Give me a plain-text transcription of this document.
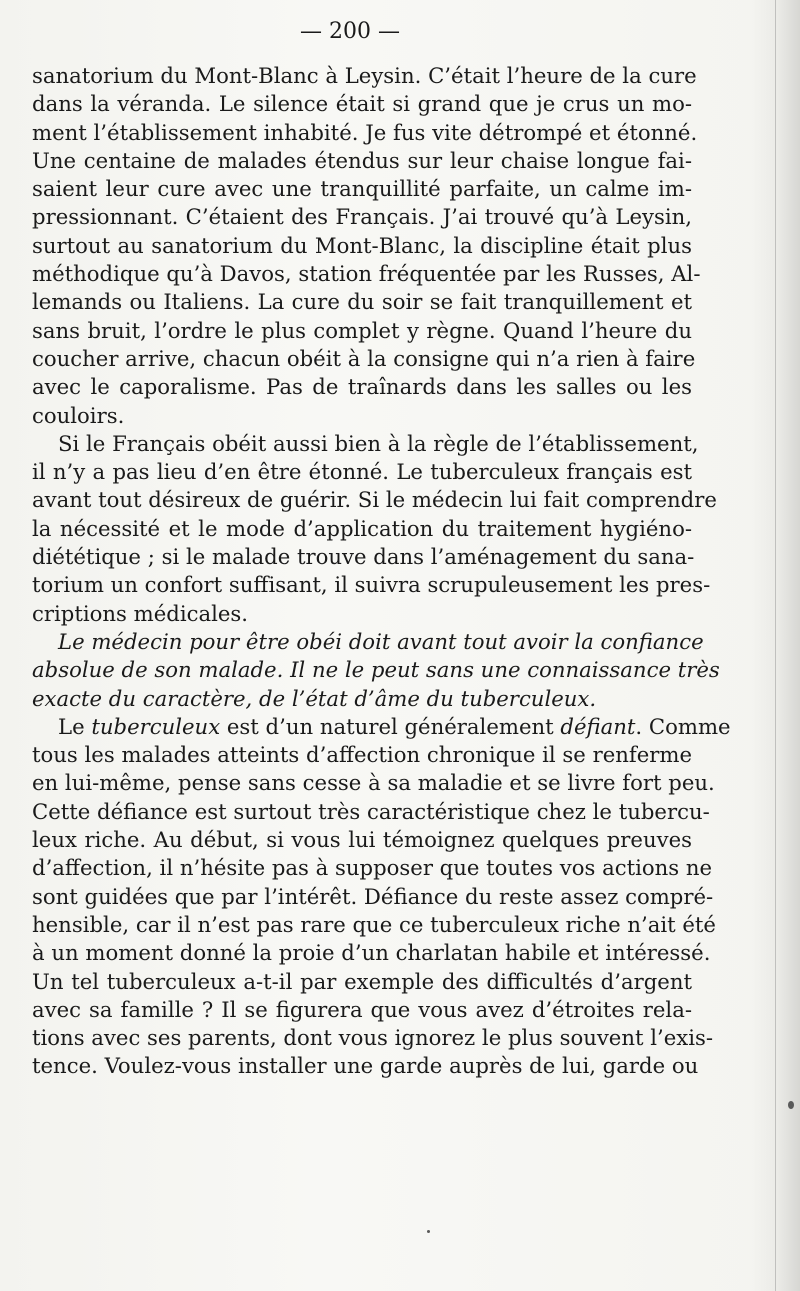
— 200 —
sanatorium du Mont-Blanc à Leysin. C’était l’heure de la cure
dans la véranda. Le silence était si grand que je crus un mo-
ment l’établissement inhabité. Je fus vite détrompé et étonné.
Une centaine de malades étendus sur leur chaise longue fai-
saient leur cure avec une tranquillité parfaite, un calme im-
pressionnant. C’étaient des Français. J’ai trouvé qu’à Leysin,
surtout au sanatorium du Mont-Blanc, la discipline était plus
méthodique qu’à Davos, station fréquentée par les Russes, Al-
lemands ou Italiens. La cure du soir se fait tranquillement et
sans bruit, l’ordre le plus complet y règne. Quand l’heure du
coucher arrive, chacun obéit à la consigne qui n’a rien à faire
avec le caporalisme. Pas de traînards dans les salles ou les
couloirs.
Si le Français obéit aussi bien à la règle de l’établissement,
il n’y a pas lieu d’en être étonné. Le tuberculeux français est
avant tout désireux de guérir. Si le médecin lui fait comprendre
la nécessité et le mode d’application du traitement hygiéno-
diététique ; si le malade trouve dans l’aménagement du sana-
torium un confort suffisant, il suivra scrupuleusement les pres-
criptions médicales.
Le médecin pour être obéi doit avant tout avoir la confiance
absolue de son malade. Il ne le peut sans une connaissance très
exacte du caractère, de l’état d’âme du tuberculeux.
Le tuberculeux est d’un naturel généralement défiant. Comme
tous les malades atteints d’affection chronique il se renferme
en lui-même, pense sans cesse à sa maladie et se livre fort peu.
Cette défiance est surtout très caractéristique chez le tubercu-
leux riche. Au début, si vous lui témoignez quelques preuves
d’affection, il n’hésite pas à supposer que toutes vos actions ne
sont guidées que par l’intérêt. Défiance du reste assez compré-
hensible, car il n’est pas rare que ce tuberculeux riche n’ait été
à un moment donné la proie d’un charlatan habile et intéressé.
Un tel tuberculeux a-t-il par exemple des difficultés d’argent
avec sa famille ? Il se figurera que vous avez d’étroites rela-
tions avec ses parents, dont vous ignorez le plus souvent l’exis-
tence. Voulez-vous installer une garde auprès de lui, garde ou
